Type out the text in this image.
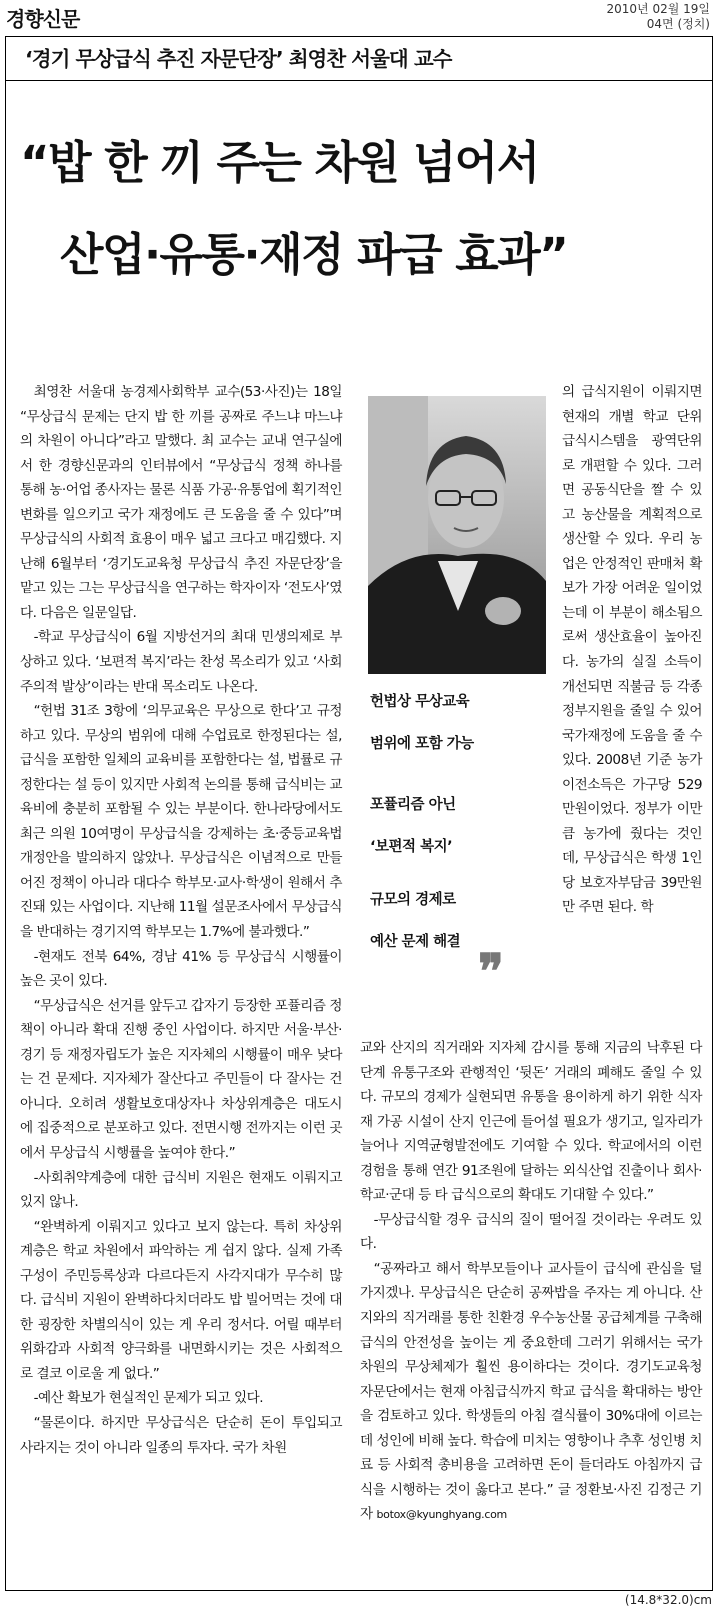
경향신문	2010년 02월 19일
04면 (정치)
‘경기 무상급식 추진 자문단장’ 최영찬 서울대 교수
“밥 한 끼 주는 차원 넘어서
산업·유통·재정 파급 효과”

최영찬 서울대 농경제사회학부 교수(53·사진)는 18일 “무상급식 문제는 단지 밥 한 끼를 공짜로 주느냐 마느냐의 차원이 아니다”라고 말했다. 최 교수는 교내 연구실에서 한 경향신문과의 인터뷰에서 “무상급식 정책 하나를 통해 농·어업 종사자는 물론 식품 가공·유통업에 획기적인 변화를 일으키고 국가 재정에도 큰 도움을 줄 수 있다”며 무상급식의 사회적 효용이 매우 넓고 크다고 매김했다. 지난해 6월부터 ‘경기도교육청 무상급식 추진 자문단장’을 맡고 있는 그는 무상급식을 연구하는 학자이자 ‘전도사’였다. 다음은 일문일답.

-학교 무상급식이 6월 지방선거의 최대 민생의제로 부상하고 있다. ‘보편적 복지’라는 찬성 목소리가 있고 ‘사회주의적 발상’이라는 반대 목소리도 나온다.

“헌법 31조 3항에 ‘의무교육은 무상으로 한다’고 규정하고 있다. 무상의 범위에 대해 수업료로 한정된다는 설, 급식을 포함한 일체의 교육비를 포함한다는 설, 법률로 규정한다는 설 등이 있지만 사회적 논의를 통해 급식비는 교육비에 충분히 포함될 수 있는 부분이다. 한나라당에서도 최근 의원 10여명이 무상급식을 강제하는 초·중등교육법 개정안을 발의하지 않았나. 무상급식은 이념적으로 만들어진 정책이 아니라 대다수 학부모·교사·학생이 원해서 추진돼 있는 사업이다. 지난해 11월 설문조사에서 무상급식을 반대하는 경기지역 학부모는 1.7%에 불과했다.”

-현재도 전북 64%, 경남 41% 등 무상급식 시행률이 높은 곳이 있다.

“무상급식은 선거를 앞두고 갑자기 등장한 포퓰리즘 정책이 아니라 확대 진행 중인 사업이다. 하지만 서울·부산·경기 등 재정자립도가 높은 지자체의 시행률이 매우 낮다는 건 문제다. 지자체가 잘산다고 주민들이 다 잘사는 건 아니다. 오히려 생활보호대상자나 차상위계층은 대도시에 집중적으로 분포하고 있다. 전면시행 전까지는 이런 곳에서 무상급식 시행률을 높여야 한다.”

-사회취약계층에 대한 급식비 지원은 현재도 이뤄지고 있지 않나.

“완벽하게 이뤄지고 있다고 보지 않는다. 특히 차상위계층은 학교 차원에서 파악하는 게 쉽지 않다. 실제 가족 구성이 주민등록상과 다르다든지 사각지대가 무수히 많다. 급식비 지원이 완벽하다치더라도 밥 빌어먹는 것에 대한 굉장한 차별의식이 있는 게 우리 정서다. 어릴 때부터 위화감과 사회적 양극화를 내면화시키는 것은 사회적으로 결코 이로울 게 없다.”

-예산 확보가 현실적인 문제가 되고 있다.

“물론이다. 하지만 무상급식은 단순히 돈이 투입되고 사라지는 것이 아니라 일종의 투자다. 국가 차원

헌법상 무상교육
범위에 포함 가능
포퓰리즘 아닌
‘보편적 복지’
규모의 경제로
예산 문제 해결
❞

의 급식지원이 이뤄지면 현재의 개별 학교 단위 급식시스템을 광역단위로 개편할 수 있다. 그러면 공동식단을 짤 수 있고 농산물을 계획적으로 생산할 수 있다. 우리 농업은 안정적인 판매처 확보가 가장 어려운 일이었는데 이 부분이 해소됨으로써 생산효율이 높아진다. 농가의 실질 소득이 개선되면 직불금 등 각종 정부지원을 줄일 수 있어 국가재정에 도움을 줄 수 있다. 2008년 기준 농가 이전소득은 가구당 529만원이었다. 정부가 이만큼 농가에 줬다는 것인데, 무상급식은 학생 1인당 보호자부담금 39만원만 주면 된다. 학

교와 산지의 직거래와 지자체 감시를 통해 지금의 낙후된 다단계 유통구조와 관행적인 ‘뒷돈’ 거래의 폐해도 줄일 수 있다. 규모의 경제가 실현되면 유통을 용이하게 하기 위한 식자재 가공 시설이 산지 인근에 들어설 필요가 생기고, 일자리가 늘어나 지역균형발전에도 기여할 수 있다. 학교에서의 이런 경험을 통해 연간 91조원에 달하는 외식산업 진출이나 회사·학교·군대 등 타 급식으로의 확대도 기대할 수 있다.”

-무상급식할 경우 급식의 질이 떨어질 것이라는 우려도 있다.

“공짜라고 해서 학부모들이나 교사들이 급식에 관심을 덜 가지겠나. 무상급식은 단순히 공짜밥을 주자는 게 아니다. 산지와의 직거래를 통한 친환경 우수농산물 공급체계를 구축해 급식의 안전성을 높이는 게 중요한데 그러기 위해서는 국가 차원의 무상체제가 훨씬 용이하다는 것이다. 경기도교육청 자문단에서는 현재 아침급식까지 학교 급식을 확대하는 방안을 검토하고 있다. 학생들의 아침 결식률이 30%대에 이르는데 성인에 비해 높다. 학습에 미치는 영향이나 추후 성인병 치료 등 사회적 총비용을 고려하면 돈이 들더라도 아침까지 급식을 시행하는 것이 옳다고 본다.” 글 정환보·사진 김정근 기자 botox@kyunghyang.com

(14.8*32.0)cm
